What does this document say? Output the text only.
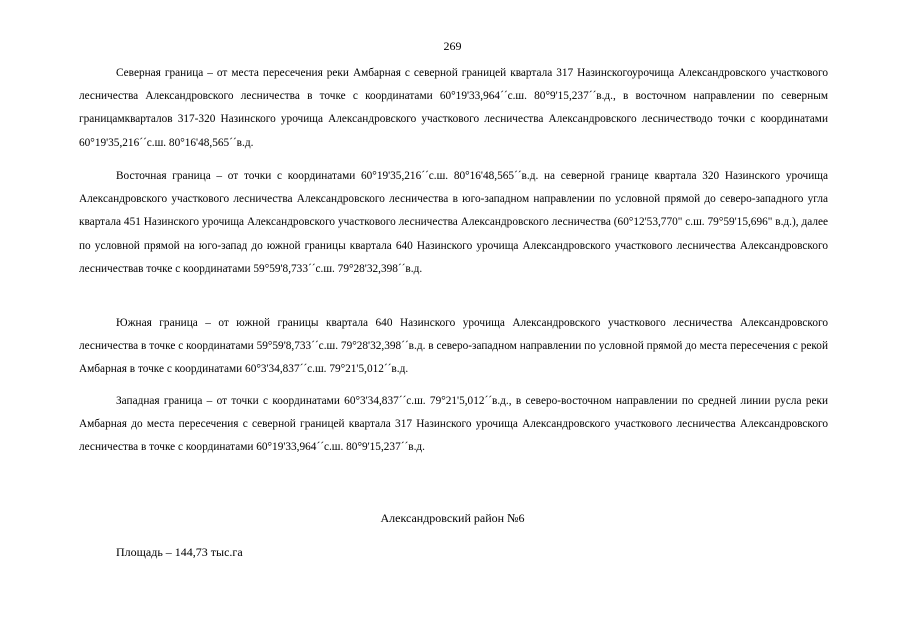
269

Северная граница – от места пересечения реки Амбарная с северной границей квартала 317 Назинскогоурочища Александровского участкового лесничества Александровского лесничества в точке с координатами 60°19'33,964´´с.ш. 80°9'15,237´´в.д., в восточном направлении по северным границамкварталов 317-320 Назинского урочища Александровского участкового лесничества Александровского лесничестводо точки с координатами 60°19'35,216´´с.ш. 80°16'48,565´´в.д.

Восточная граница – от точки с координатами 60°19'35,216´´с.ш. 80°16'48,565´´в.д. на северной границе квартала 320 Назинского урочища Александровского участкового лесничества Александровского лесничества в юго-западном направлении по условной прямой до северо-западного угла квартала 451 Назинского урочища Александровского участкового лесничества Александровского лесничества (60°12'53,770" с.ш. 79°59'15,696" в.д.), далее по условной прямой на юго-запад до южной границы квартала 640 Назинского урочища Александровского участкового лесничества Александровского лесничествав точке с координатами 59°59'8,733´´с.ш. 79°28'32,398´´в.д.

Южная граница – от южной границы квартала 640 Назинского урочища Александровского участкового лесничества Александровского лесничества в точке с координатами 59°59'8,733´´с.ш. 79°28'32,398´´в.д. в северо-западном направлении по условной прямой до места пересечения с рекой Амбарная в точке с координатами 60°3'34,837´´с.ш. 79°21'5,012´´в.д.

Западная граница – от точки с координатами 60°3'34,837´´с.ш. 79°21'5,012´´в.д., в северо-восточном направлении по средней линии русла реки Амбарная до места пересечения с северной границей квартала 317 Назинского урочища Александровского участкового лесничества Александровского лесничества в точке с координатами 60°19'33,964´´с.ш. 80°9'15,237´´в.д.

Александровский район №6
Площадь – 144,73 тыс.га
